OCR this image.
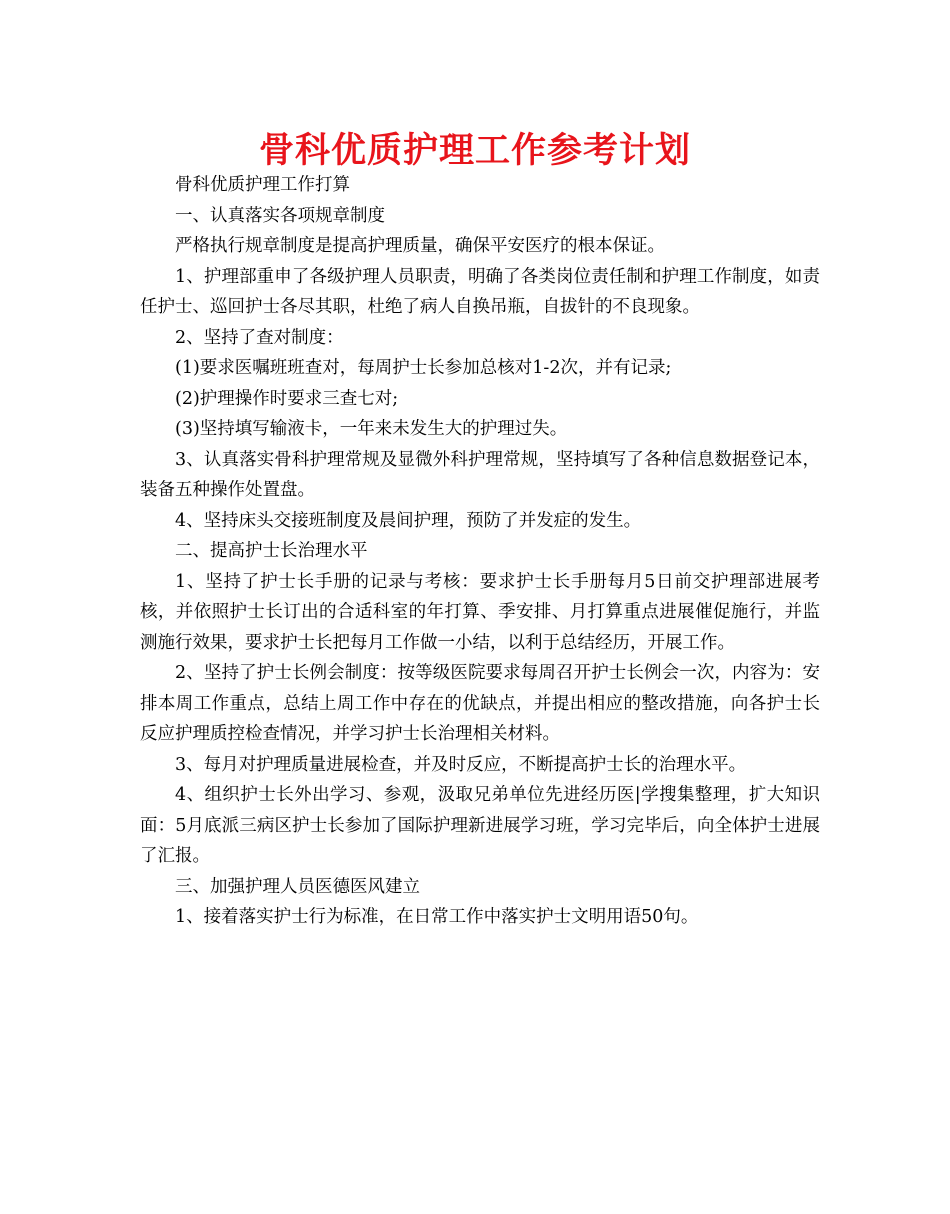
骨科优质护理工作参考计划

骨科优质护理工作打算

一、认真落实各项规章制度

严格执行规章制度是提高护理质量，确保平安医疗的根本保证。

1、护理部重申了各级护理人员职责，明确了各类岗位责任制和护理工作制度，如责任护士、巡回护士各尽其职，杜绝了病人自换吊瓶，自拔针的不良现象。

2、坚持了查对制度：

(1)要求医嘱班班查对，每周护士长参加总核对1-2次，并有记录;

(2)护理操作时要求三查七对;

(3)坚持填写输液卡，一年来未发生大的护理过失。

3、认真落实骨科护理常规及显微外科护理常规，坚持填写了各种信息数据登记本，装备五种操作处置盘。

4、坚持床头交接班制度及晨间护理，预防了并发症的发生。

二、提高护士长治理水平

1、坚持了护士长手册的记录与考核：要求护士长手册每月5日前交护理部进展考核，并依照护士长订出的合适科室的年打算、季安排、月打算重点进展催促施行，并监测施行效果，要求护士长把每月工作做一小结，以利于总结经历，开展工作。

2、坚持了护士长例会制度：按等级医院要求每周召开护士长例会一次，内容为：安排本周工作重点，总结上周工作中存在的优缺点，并提出相应的整改措施，向各护士长反应护理质控检查情况，并学习护士长治理相关材料。

3、每月对护理质量进展检查，并及时反应，不断提高护士长的治理水平。

4、组织护士长外出学习、参观，汲取兄弟单位先进经历医|学搜集整理，扩大知识面：5月底派三病区护士长参加了国际护理新进展学习班，学习完毕后，向全体护士进展了汇报。

三、加强护理人员医德医风建立

1、接着落实护士行为标准，在日常工作中落实护士文明用语50句。
